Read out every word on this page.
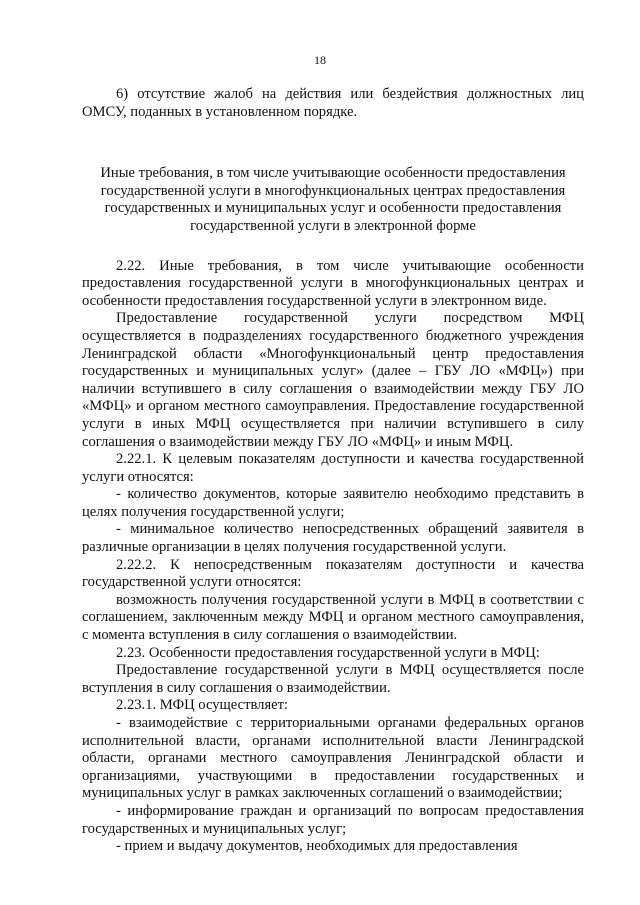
18

6) отсутствие жалоб на действия или бездействия должностных лиц ОМСУ, поданных в установленном порядке.

Иные требования, в том числе учитывающие особенности предоставления государственной услуги в многофункциональных центрах предоставления государственных и муниципальных услуг и особенности предоставления государственной услуги в электронной форме

2.22. Иные требования, в том числе учитывающие особенности предоставления государственной услуги в многофункциональных центрах и особенности предоставления государственной услуги в электронном виде.

Предоставление государственной услуги посредством МФЦ осуществляется в подразделениях государственного бюджетного учреждения Ленинградской области «Многофункциональный центр предоставления государственных и муниципальных услуг» (далее – ГБУ ЛО «МФЦ») при наличии вступившего в силу соглашения о взаимодействии между ГБУ ЛО «МФЦ» и органом местного самоуправления. Предоставление государственной услуги в иных МФЦ осуществляется при наличии вступившего в силу соглашения о взаимодействии между ГБУ ЛО «МФЦ» и иным МФЦ.

2.22.1. К целевым показателям доступности и качества государственной услуги относятся:

- количество документов, которые заявителю необходимо представить в целях получения государственной услуги;

- минимальное количество непосредственных обращений заявителя в различные организации в целях получения государственной услуги.

2.22.2. К непосредственным показателям доступности и качества государственной услуги относятся:

возможность получения государственной услуги в МФЦ в соответствии с соглашением, заключенным между МФЦ и органом местного самоуправления, с момента вступления в силу соглашения о взаимодействии.

2.23. Особенности предоставления государственной услуги в МФЦ:

Предоставление государственной услуги в МФЦ осуществляется после вступления в силу соглашения о взаимодействии.

2.23.1. МФЦ осуществляет:

- взаимодействие с территориальными органами федеральных органов исполнительной власти, органами исполнительной власти Ленинградской области, органами местного самоуправления Ленинградской области и организациями, участвующими в предоставлении государственных и муниципальных услуг в рамках заключенных соглашений о взаимодействии;

- информирование граждан и организаций по вопросам предоставления государственных и муниципальных услуг;

- прием и выдачу документов, необходимых для предоставления
